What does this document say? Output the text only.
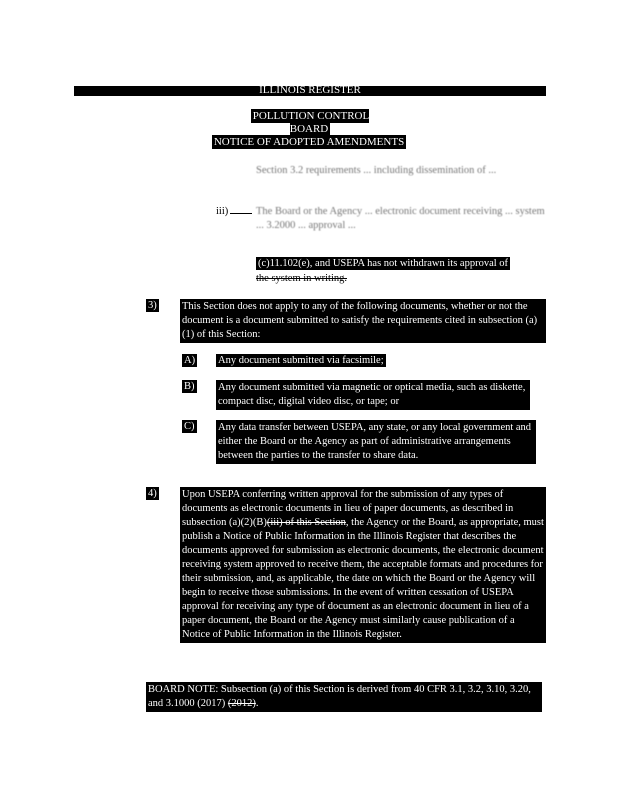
ILLINOIS REGISTER
POLLUTION CONTROL BOARD
NOTICE OF ADOPTED AMENDMENTS
Section 3.2 requirements ... including dissemination of ...
iii)	The Board or the Agency ... electronic document receiving ... system ... 3.2000 ... approval ...
(c)11.102(e), and USEPA has not withdrawn its approval of
the system in writing.
3) This Section does not apply to any of the following documents, whether or not the document is a document submitted to satisfy the requirements cited in subsection (a)(1) of this Section:
A) Any document submitted via facsimile;
B) Any document submitted via magnetic or optical media, such as diskette, compact disc, digital video disc, or tape; or
C) Any data transfer between USEPA, any state, or any local government and either the Board or the Agency as part of administrative arrangements between the parties to the transfer to share data.
4) Upon USEPA conferring written approval for the submission of any types of documents as electronic documents in lieu of paper documents, as described in subsection (a)(2)(B)(iii) of this Section, the Agency or the Board, as appropriate, must publish a Notice of Public Information in the Illinois Register that describes the documents approved for submission as electronic documents, the electronic document receiving system approved to receive them, the acceptable formats and procedures for their submission, and, as applicable, the date on which the Board or the Agency will begin to receive those submissions. In the event of written cessation of USEPA approval for receiving any type of document as an electronic document in lieu of a paper document, the Board or the Agency must similarly cause publication of a Notice of Public Information in the Illinois Register.
BOARD NOTE: Subsection (a) of this Section is derived from 40 CFR 3.1, 3.2, 3.10, 3.20, and 3.1000 (2017) (2012).
